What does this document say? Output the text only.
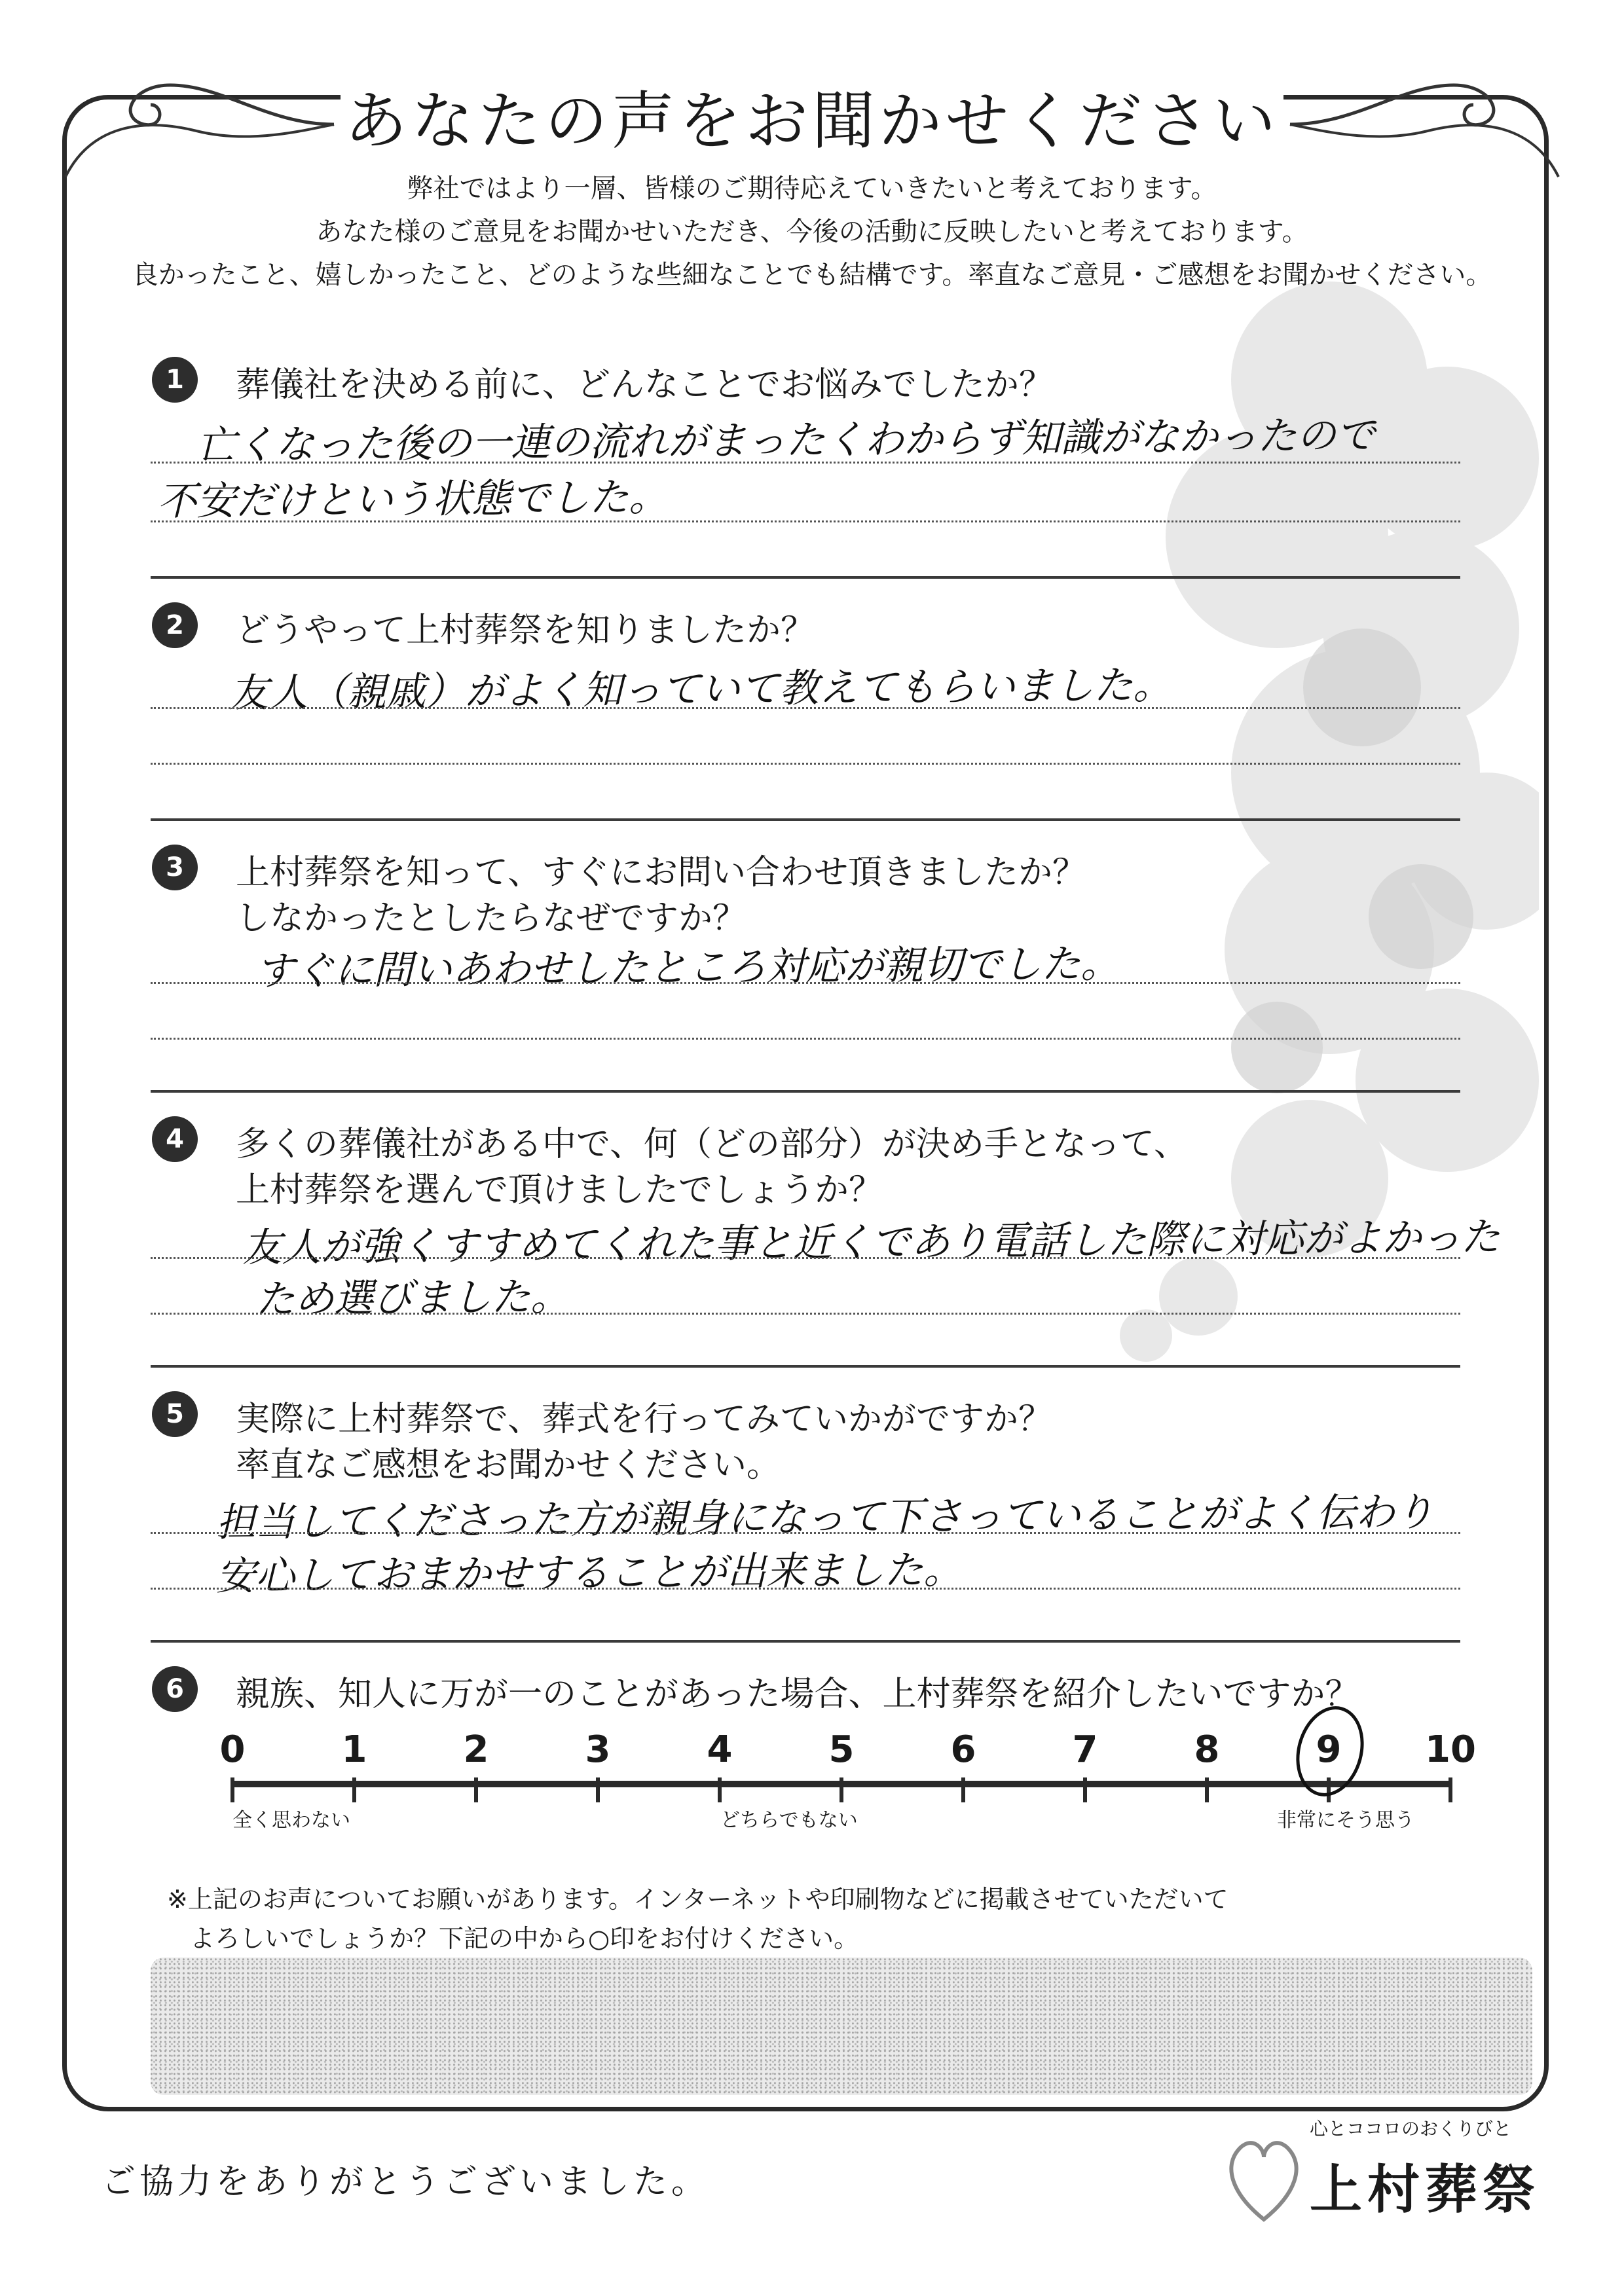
あなたの声をお聞かせください
弊社ではより一層、皆様のご期待応えていきたいと考えております。
あなた様のご意見をお聞かせいただき、今後の活動に反映したいと考えております。
良かったこと、嬉しかったこと、どのような些細なことでも結構です。率直なご意見・ご感想をお聞かせください。
1	葬儀社を決める前に、どんなことでお悩みでしたか？
亡くなった後の一連の流れがまったくわからず知識がなかったので
不安だけという状態でした。
2	どうやって上村葬祭を知りましたか？
友人（親戚）がよく知っていて教えてもらいました。
3	上村葬祭を知って、すぐにお問い合わせ頂きましたか？
しなかったとしたらなぜですか？
すぐに問いあわせしたところ対応が親切でした。
4	多くの葬儀社がある中で、何（どの部分）が決め手となって、
上村葬祭を選んで頂けましたでしょうか？
友人が強くすすめてくれた事と近くであり電話した際に対応がよかった
ため選びました。
5	実際に上村葬祭で、葬式を行ってみていかがですか？
率直なご感想をお聞かせください。
担当してくださった方が親身になって下さっていることがよく伝わり
安心しておまかせすることが出来ました。
6	親族、知人に万が一のことがあった場合、上村葬祭を紹介したいですか？
0	1	2	3	4	5	6	7	8	9	10
全く思わない	どちらでもない	非常にそう思う
※上記のお声についてお願いがあります。インターネットや印刷物などに掲載させていただいて
よろしいでしょうか？下記の中から○印をお付けください。
ご協力をありがとうございました。
心とココロのおくりびと
上村葬祭
